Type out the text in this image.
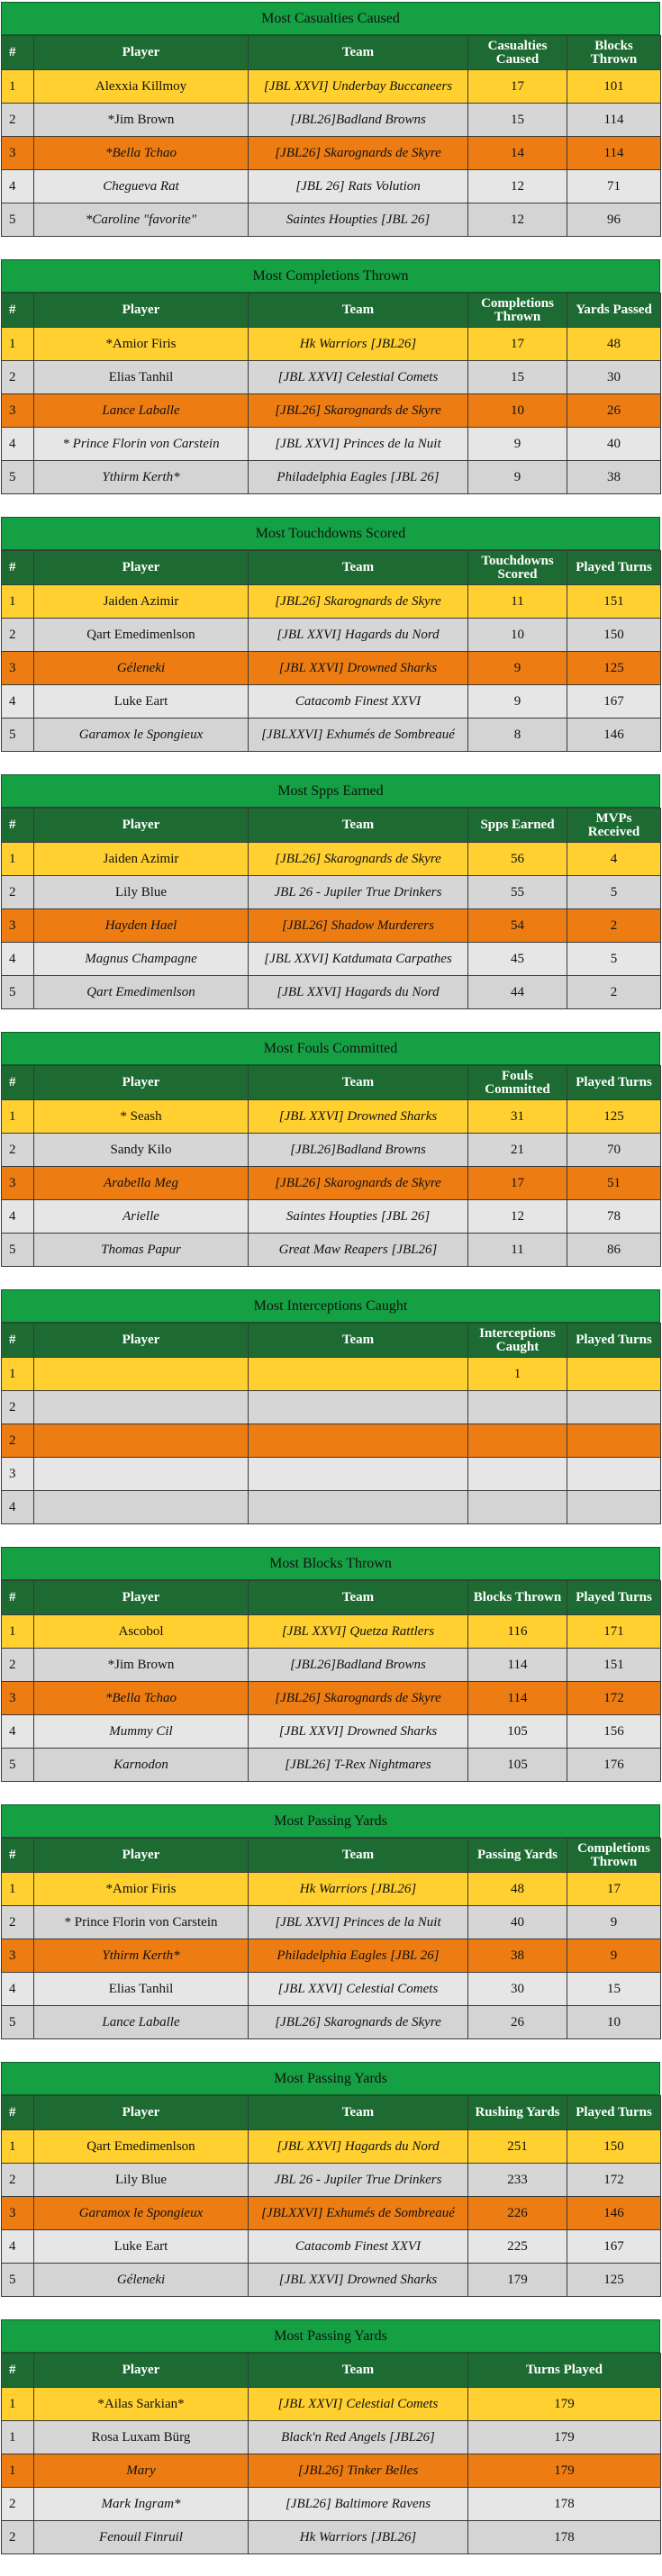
Most Casualties Caused
#	Player	Team	Casualties Caused	Blocks Thrown
1	Alexxia Killmoy	[JBL XXVI] Underbay Buccaneers	17	101
2	*Jim Brown	[JBL26]Badland Browns	15	114
3	*Bella Tchao	[JBL26] Skarognards de Skyre	14	114
4	Chegueva Rat	[JBL 26] Rats Volution	12	71
5	*Caroline "favorite"	Saintes Houpties [JBL 26]	12	96
Most Completions Thrown
#	Player	Team	Completions Thrown	Yards Passed
1	*Amior Firis	Hk Warriors [JBL26]	17	48
2	Elias Tanhil	[JBL XXVI] Celestial Comets	15	30
3	Lance Laballe	[JBL26] Skarognards de Skyre	10	26
4	* Prince Florin von Carstein	[JBL XXVI] Princes de la Nuit	9	40
5	Ythirm Kerth*	Philadelphia Eagles [JBL 26]	9	38
Most Touchdowns Scored
#	Player	Team	Touchdowns Scored	Played Turns
1	Jaiden Azimir	[JBL26] Skarognards de Skyre	11	151
2	Qart Emedimenlson	[JBL XXVI] Hagards du Nord	10	150
3	Géleneki	[JBL XXVI] Drowned Sharks	9	125
4	Luke Eart	Catacomb Finest XXVI	9	167
5	Garamox le Spongieux	[JBLXXVI] Exhumés de Sombreaué	8	146
Most Spps Earned
#	Player	Team	Spps Earned	MVPs Received
1	Jaiden Azimir	[JBL26] Skarognards de Skyre	56	4
2	Lily Blue	JBL 26 - Jupiler True Drinkers	55	5
3	Hayden Hael	[JBL26] Shadow Murderers	54	2
4	Magnus Champagne	[JBL XXVI] Katdumata Carpathes	45	5
5	Qart Emedimenlson	[JBL XXVI] Hagards du Nord	44	2
Most Fouls Committed
#	Player	Team	Fouls Committed	Played Turns
1	* Seash	[JBL XXVI] Drowned Sharks	31	125
2	Sandy Kilo	[JBL26]Badland Browns	21	70
3	Arabella Meg	[JBL26] Skarognards de Skyre	17	51
4	Arielle	Saintes Houpties [JBL 26]	12	78
5	Thomas Papur	Great Maw Reapers [JBL26]	11	86
Most Interceptions Caught
#	Player	Team	Interceptions Caught	Played Turns
1			1	
2				
2				
3				
4				
Most Blocks Thrown
#	Player	Team	Blocks Thrown	Played Turns
1	Ascobol	[JBL XXVI] Quetza Rattlers	116	171
2	*Jim Brown	[JBL26]Badland Browns	114	151
3	*Bella Tchao	[JBL26] Skarognards de Skyre	114	172
4	Mummy Cil	[JBL XXVI] Drowned Sharks	105	156
5	Karnodon	[JBL26] T-Rex Nightmares	105	176
Most Passing Yards
#	Player	Team	Passing Yards	Completions Thrown
1	*Amior Firis	Hk Warriors [JBL26]	48	17
2	* Prince Florin von Carstein	[JBL XXVI] Princes de la Nuit	40	9
3	Ythirm Kerth*	Philadelphia Eagles [JBL 26]	38	9
4	Elias Tanhil	[JBL XXVI] Celestial Comets	30	15
5	Lance Laballe	[JBL26] Skarognards de Skyre	26	10
Most Passing Yards
#	Player	Team	Rushing Yards	Played Turns
1	Qart Emedimenlson	[JBL XXVI] Hagards du Nord	251	150
2	Lily Blue	JBL 26 - Jupiler True Drinkers	233	172
3	Garamox le Spongieux	[JBLXXVI] Exhumés de Sombreaué	226	146
4	Luke Eart	Catacomb Finest XXVI	225	167
5	Géleneki	[JBL XXVI] Drowned Sharks	179	125
Most Passing Yards
#	Player	Team	Turns Played
1	*Ailas Sarkian*	[JBL XXVI] Celestial Comets	179
1	Rosa Luxam Bürg	Black'n Red Angels [JBL26]	179
1	Mary	[JBL26] Tinker Belles	179
2	Mark Ingram*	[JBL26] Baltimore Ravens	178
2	Fenouil Finruil	Hk Warriors [JBL26]	178
